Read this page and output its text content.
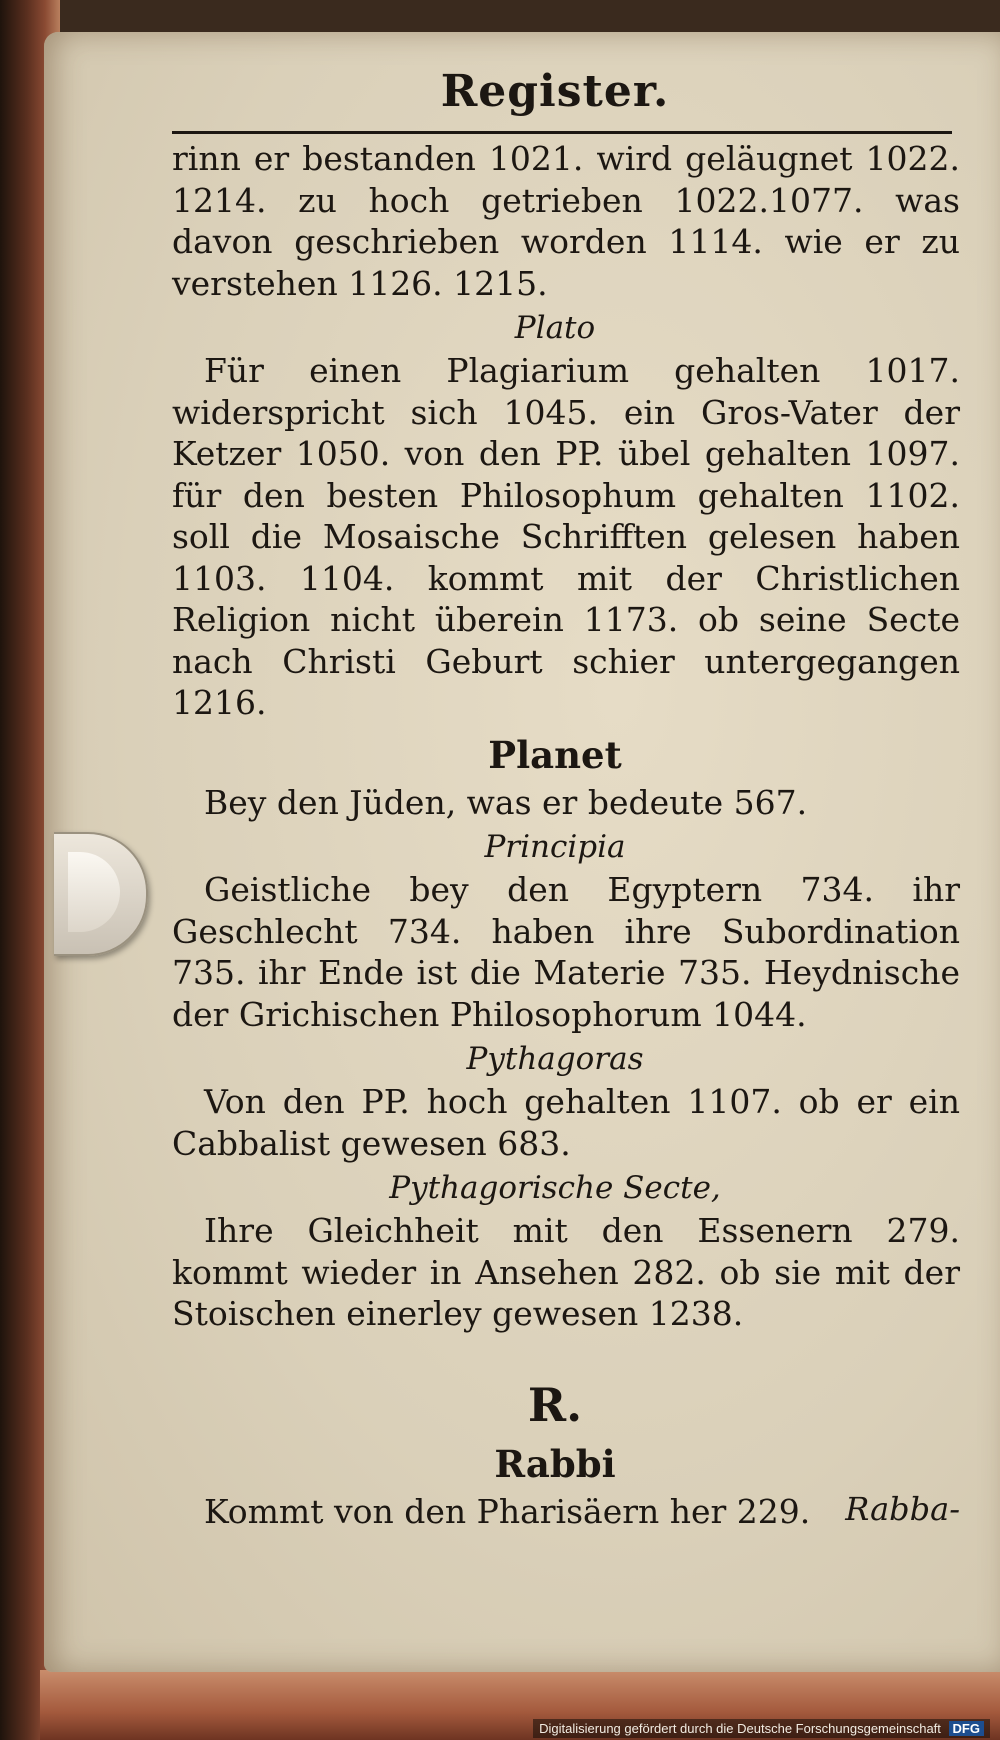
Register.

rinn er bestanden 1021. wird geläugnet 1022. 1214. zu hoch getrieben 1022.1077. was davon geschrieben worden 1114. wie er zu verstehen 1126. 1215.

Plato

Für einen Plagiarium gehalten 1017. widerspricht sich 1045. ein Gros-Vater der Ketzer 1050. von den PP. übel gehalten 1097. für den besten Philosophum gehalten 1102. soll die Mosaische Schrifften gelesen haben 1103. 1104. kommt mit der Christlichen Religion nicht überein 1173. ob seine Secte nach Christi Geburt schier untergegangen 1216.

Planet

Bey den Jüden, was er bedeute 567.

Principia

Geistliche bey den Egyptern 734. ihr Geschlecht 734. haben ihre Subordination 735. ihr Ende ist die Materie 735. Heydnische der Grichischen Philosophorum 1044.

Pythagoras

Von den PP. hoch gehalten 1107. ob er ein Cabbalist gewesen 683.

Pythagorische Secte,

Ihre Gleichheit mit den Essenern 279. kommt wieder in Ansehen 282. ob sie mit der Stoischen einerley gewesen 1238.

R.
Rabbi

Kommt von den Pharisäern her 229.	Rabba-
Digitalisierung gefördert durch die Deutsche Forschungsgemeinschaft DFG
